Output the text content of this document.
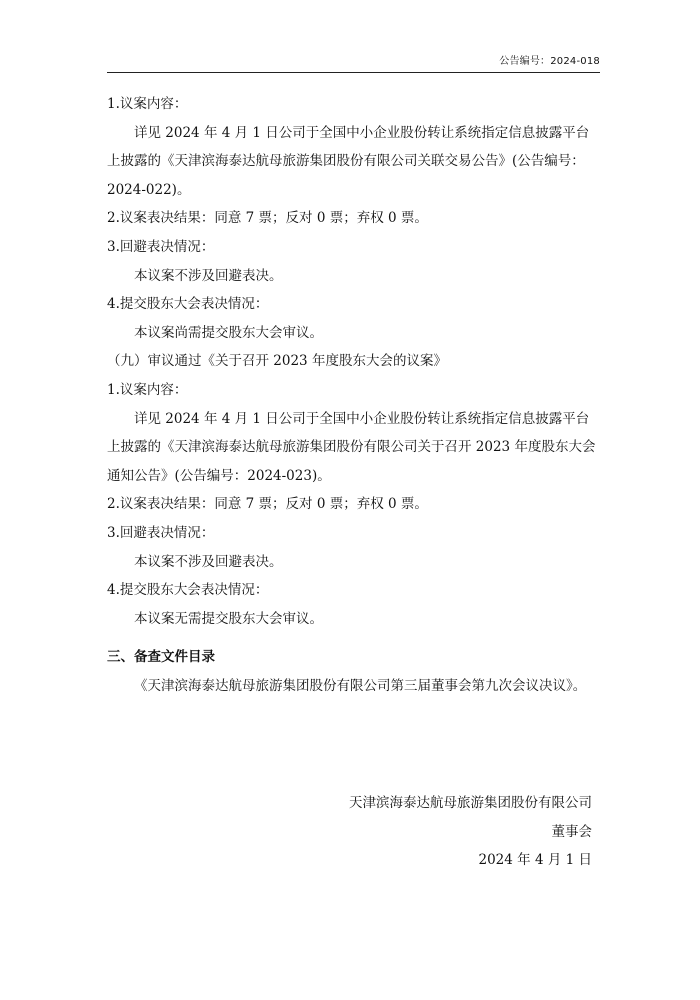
公告编号：2024-018

1.议案内容：

详见 2024 年 4 月 1 日公司于全国中小企业股份转让系统指定信息披露平台上披露的《天津滨海泰达航母旅游集团股份有限公司关联交易公告》(公告编号：2024-022)。

2.议案表决结果：同意 7 票；反对 0 票；弃权 0 票。

3.回避表决情况：

本议案不涉及回避表决。

4.提交股东大会表决情况：

本议案尚需提交股东大会审议。

（九）审议通过《关于召开 2023 年度股东大会的议案》

1.议案内容：

详见 2024 年 4 月 1 日公司于全国中小企业股份转让系统指定信息披露平台上披露的《天津滨海泰达航母旅游集团股份有限公司关于召开 2023 年度股东大会通知公告》(公告编号：2024-023)。

2.议案表决结果：同意 7 票；反对 0 票；弃权 0 票。

3.回避表决情况：

本议案不涉及回避表决。

4.提交股东大会表决情况：

本议案无需提交股东大会审议。

三、备查文件目录

《天津滨海泰达航母旅游集团股份有限公司第三届董事会第九次会议决议》。

天津滨海泰达航母旅游集团股份有限公司
董事会
2024 年 4 月 1 日
